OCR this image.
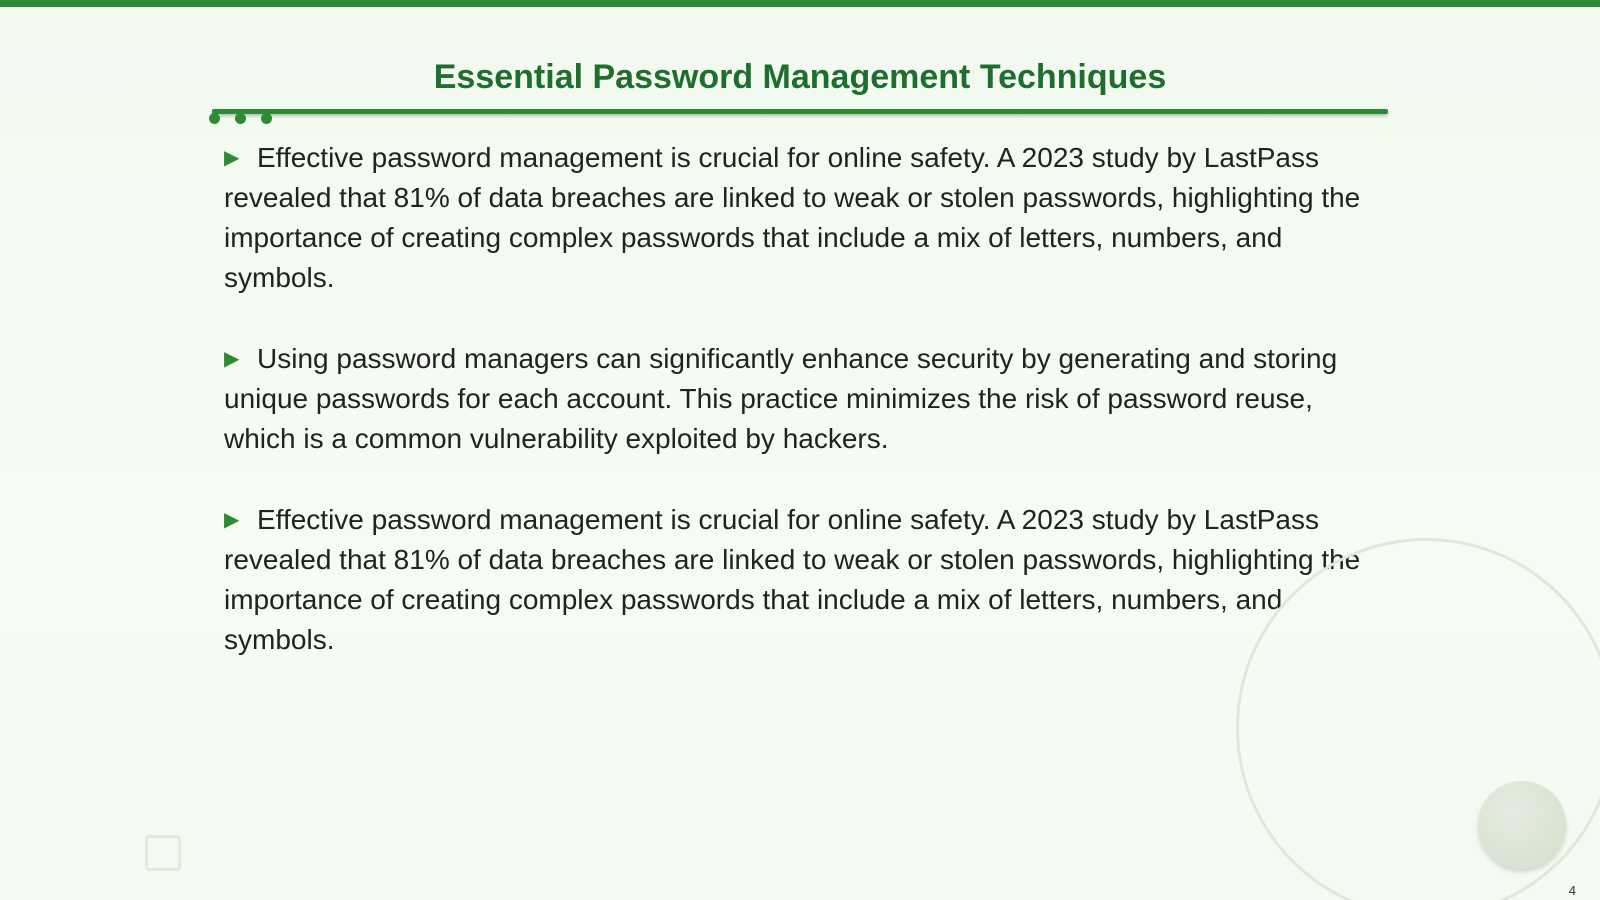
Essential Password Management Techniques

▶ Effective password management is crucial for online safety. A 2023 study by LastPass revealed that 81% of data breaches are linked to weak or stolen passwords, highlighting the importance of creating complex passwords that include a mix of letters, numbers, and symbols.

▶ Using password managers can significantly enhance security by generating and storing unique passwords for each account. This practice minimizes the risk of password reuse, which is a common vulnerability exploited by hackers.

▶ Effective password management is crucial for online safety. A 2023 study by LastPass revealed that 81% of data breaches are linked to weak or stolen passwords, highlighting the importance of creating complex passwords that include a mix of letters, numbers, and symbols.

4
